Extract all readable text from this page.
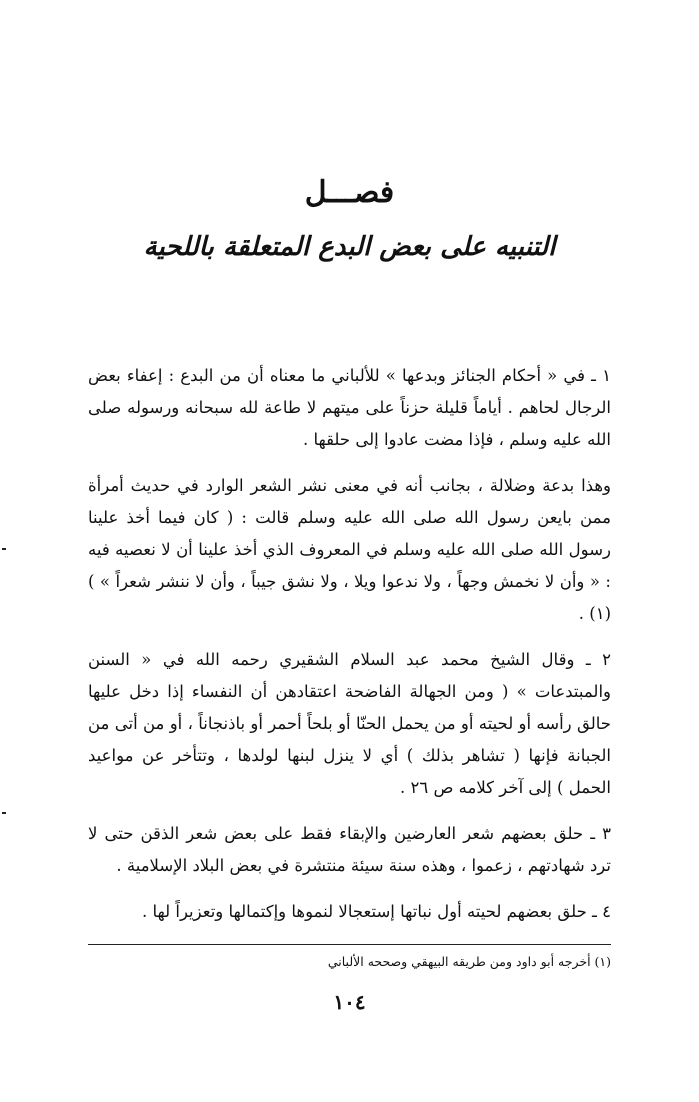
فصـــل
التنبيه على بعض البدع المتعلقة باللحية

١ ـ في « أحكام الجنائز وبدعها » للألباني ما معناه أن من البدع : إعفاء بعض الرجال لحاهم . أياماً قليلة حزناً على ميتهم لا طاعة لله سبحانه ورسوله صلى الله عليه وسلم ، فإذا مضت عادوا إلى حلقها .

وهذا بدعة وضلالة ، بجانب أنه في معنى نشر الشعر الوارد في حديث أمرأة ممن بايعن رسول الله صلى الله عليه وسلم قالت : ( كان فيما أخذ علينا رسول الله صلى الله عليه وسلم في المعروف الذي أخذ علينا أن لا نعصيه فيه : « وأن لا نخمش وجهاً ، ولا ندعوا ويلا ، ولا نشق جيباً ، وأن لا ننشر شعراً » )(١) .

٢ ـ وقال الشيخ محمد عبد السلام الشقيري رحمه الله في « السنن والمبتدعات » ( ومن الجهالة الفاضحة اعتقادهن أن النفساء إذا دخل عليها حالق رأسه أو لحيته أو من يحمل الحنّا أو بلحاً أحمر أو باذنجاناً ، أو من أتى من الجبانة فإنها ( تشاهر بذلك ) أي لا ينزل لبنها لولدها ، وتتأخر عن مواعيد الحمل ) إلى آخر كلامه ص ٢٦ .

٣ ـ حلق بعضهم شعر العارضين والإبقاء فقط على بعض شعر الذقن حتى لا ترد شهادتهم ، زعموا ، وهذه سنة سيئة منتشرة في بعض البلاد الإسلامية .

٤ ـ حلق بعضهم لحيته أول نباتها إستعجالا لنموها وإكتمالها وتعزيراً لها .

(١) أخرجه أبو داود ومن طريقه البيهقي وصححه الألباني
١٠٤
